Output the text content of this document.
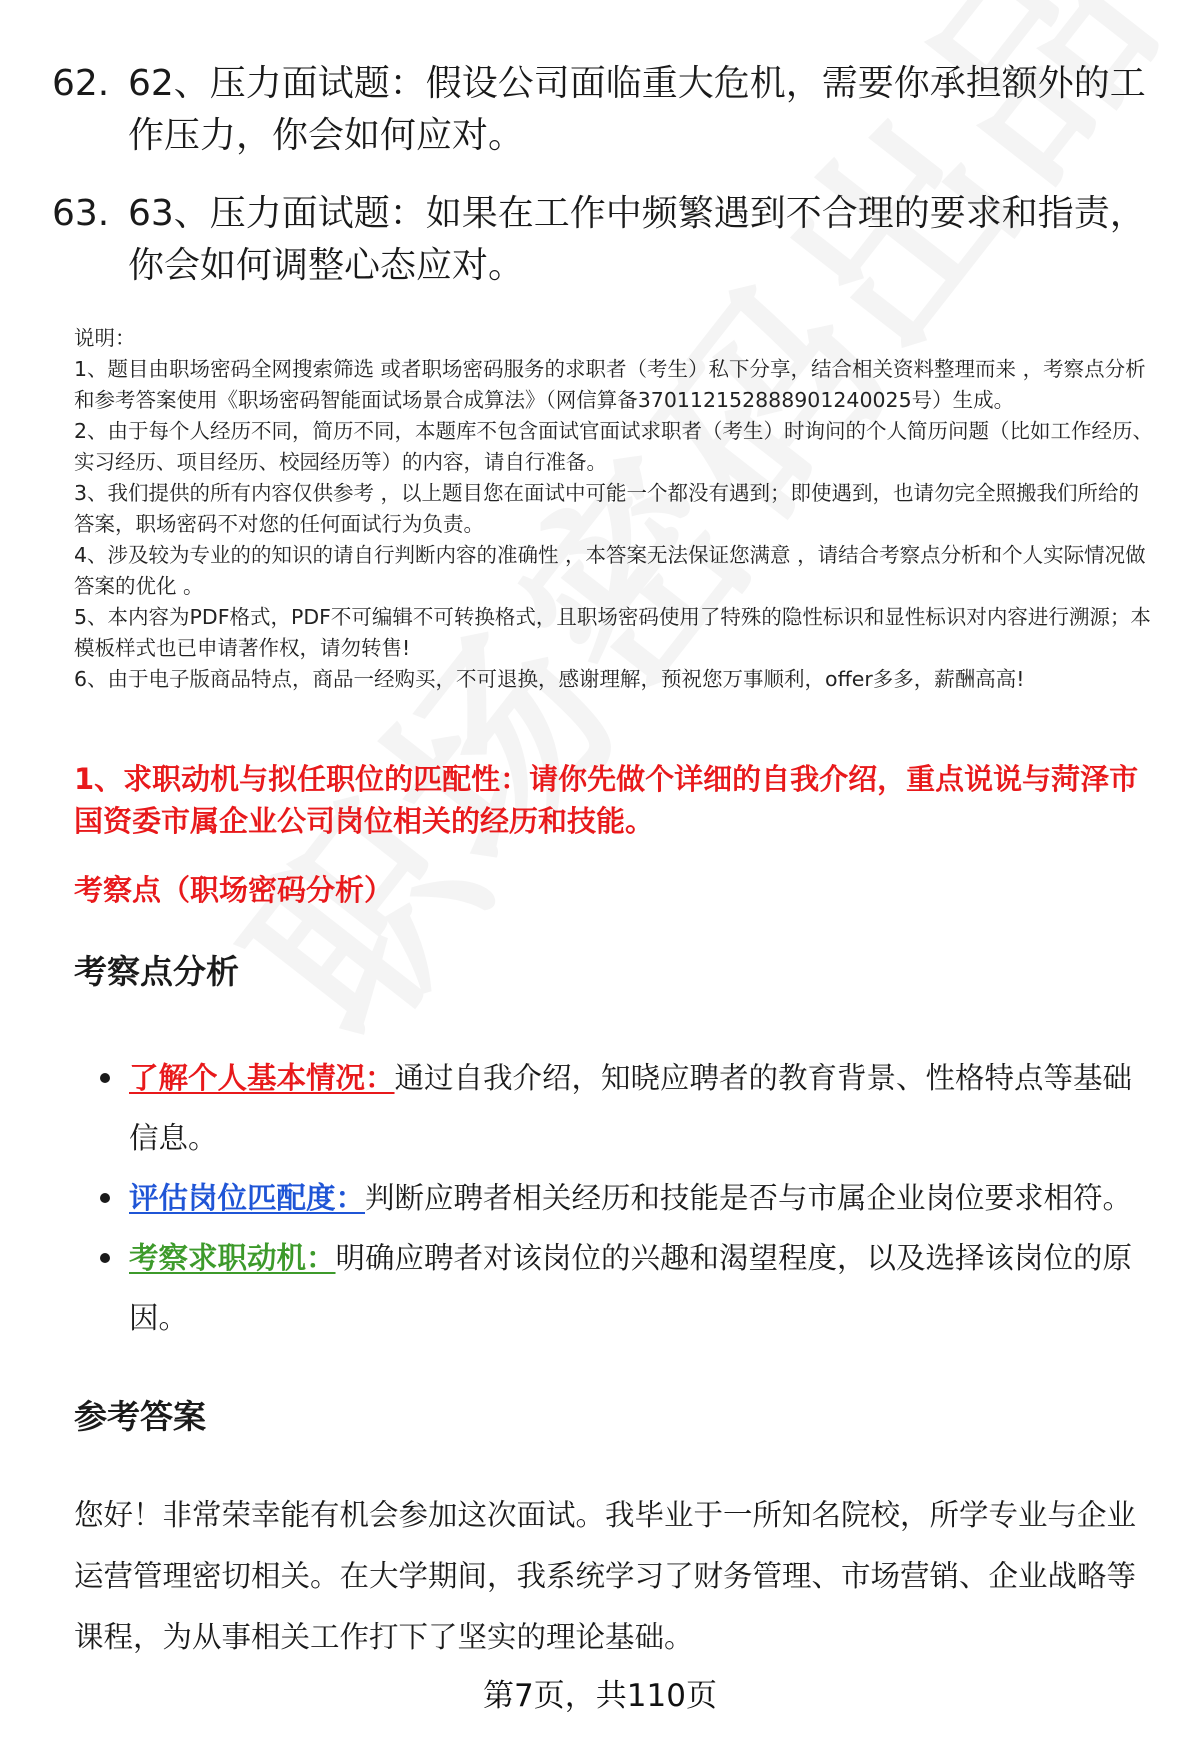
62. 62、压力面试题：假设公司面临重大危机，需要你承担额外的工作压力，你会如何应对。
63. 63、压力面试题：如果在工作中频繁遇到不合理的要求和指责，你会如何调整心态应对。

说明：

1、题目由职场密码全网搜索筛选 或者职场密码服务的求职者（考生）私下分享，结合相关资料整理而来 ，考察点分析和参考答案使用《职场密码智能面试场景合成算法》（网信算备370112152888901240025号）生成。

2、由于每个人经历不同，简历不同，本题库不包含面试官面试求职者（考生）时询问的个人简历问题（比如工作经历、实习经历、项目经历、校园经历等）的内容，请自行准备。

3、我们提供的所有内容仅供参考 ，以上题目您在面试中可能一个都没有遇到；即使遇到，也请勿完全照搬我们所给的答案，职场密码不对您的任何面试行为负责。

4、涉及较为专业的的知识的请自行判断内容的准确性 ，本答案无法保证您满意 ，请结合考察点分析和个人实际情况做答案的优化 。

5、本内容为PDF格式，PDF不可编辑不可转换格式，且职场密码使用了特殊的隐性标识和显性标识对内容进行溯源；本模板样式也已申请著作权，请勿转售!

6、由于电子版商品特点，商品一经购买，不可退换，感谢理解，预祝您万事顺利，offer多多，薪酬高高!

1、求职动机与拟任职位的匹配性：请你先做个详细的自我介绍，重点说说与菏泽市国资委市属企业公司岗位相关的经历和技能。

考察点（职场密码分析）

考察点分析
了解个人基本情况：通过自我介绍，知晓应聘者的教育背景、性格特点等基础信息。
评估岗位匹配度：判断应聘者相关经历和技能是否与市属企业岗位要求相符。
考察求职动机：明确应聘者对该岗位的兴趣和渴望程度，以及选择该岗位的原因。
参考答案

您好！非常荣幸能有机会参加这次面试。我毕业于一所知名院校，所学专业与企业运营管理密切相关。在大学期间，我系统学习了财务管理、市场营销、企业战略等课程，为从事相关工作打下了坚实的理论基础。

第7页，共110页
